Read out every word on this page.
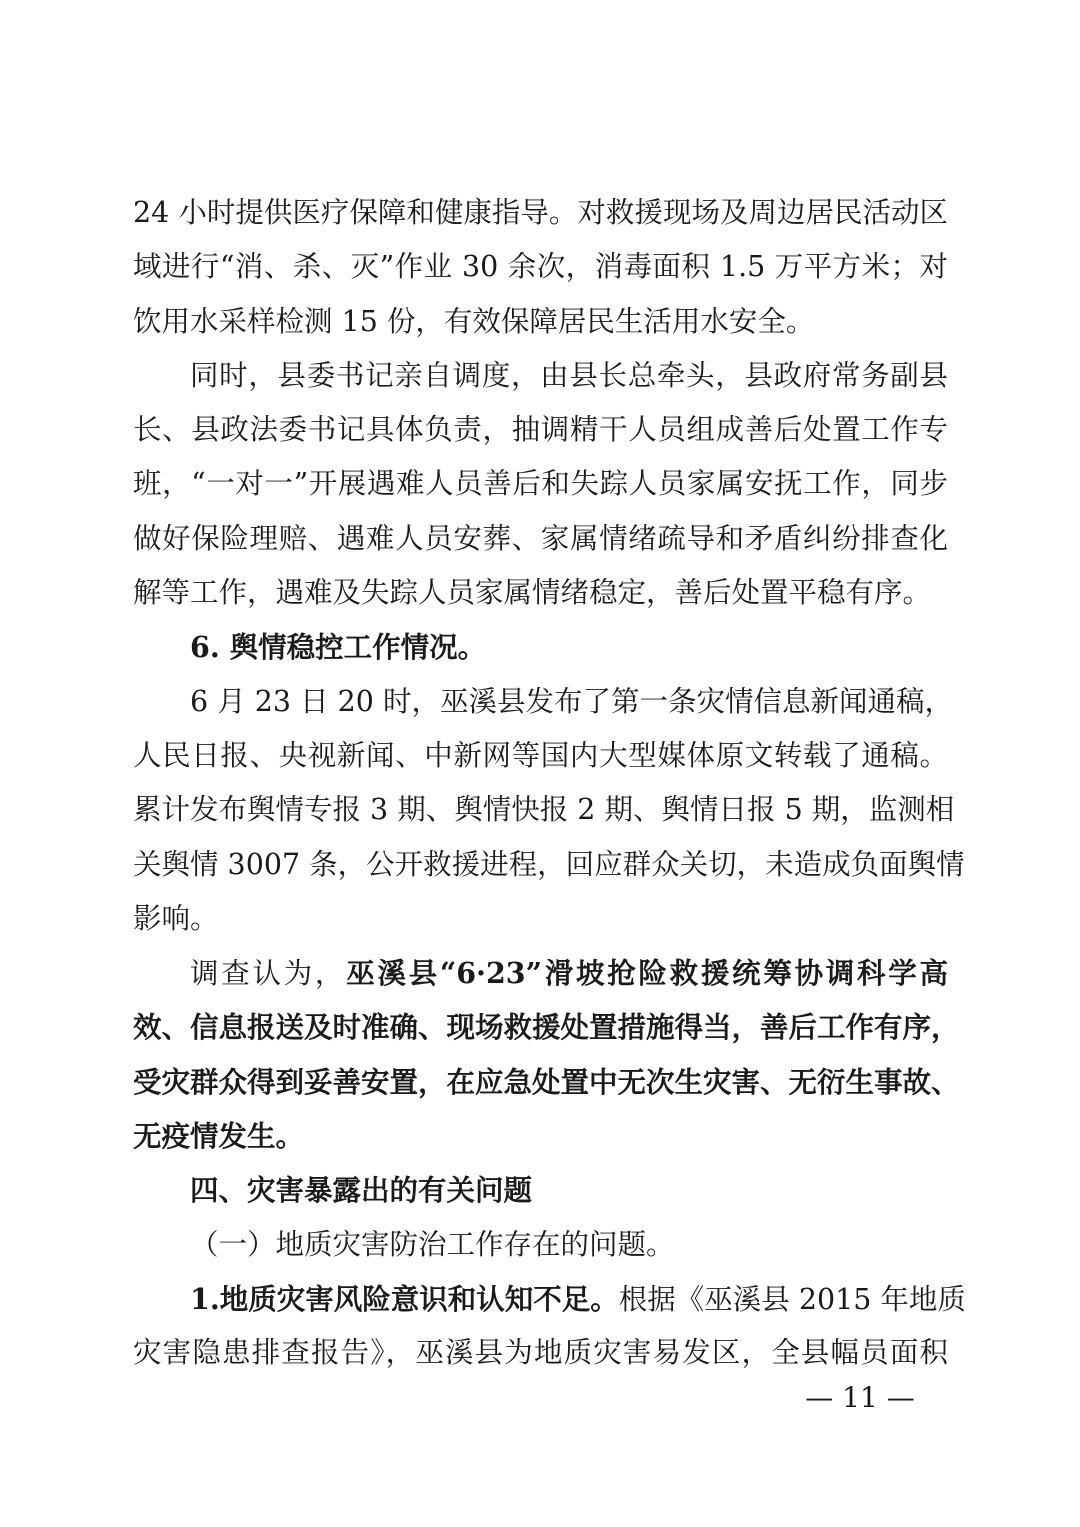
24 小时提供医疗保障和健康指导。对救援现场及周边居民活动区
域进行“消、杀、灭”作业 30 余次，消毒面积 1.5 万平方米；对
饮用水采样检测 15 份，有效保障居民生活用水安全。
同时，县委书记亲自调度，由县长总牵头，县政府常务副县
长、县政法委书记具体负责，抽调精干人员组成善后处置工作专
班，“一对一”开展遇难人员善后和失踪人员家属安抚工作，同步
做好保险理赔、遇难人员安葬、家属情绪疏导和矛盾纠纷排查化
解等工作，遇难及失踪人员家属情绪稳定，善后处置平稳有序。
6. 舆情稳控工作情况。
6 月 23 日 20 时，巫溪县发布了第一条灾情信息新闻通稿，
人民日报、央视新闻、中新网等国内大型媒体原文转载了通稿。
累计发布舆情专报 3 期、舆情快报 2 期、舆情日报 5 期，监测相
关舆情 3007 条，公开救援进程，回应群众关切，未造成负面舆情
影响。
调查认为，巫溪县“6·23”滑坡抢险救援统筹协调科学高
效、信息报送及时准确、现场救援处置措施得当，善后工作有序，
受灾群众得到妥善安置，在应急处置中无次生灾害、无衍生事故、
无疫情发生。
四、灾害暴露出的有关问题
（一）地质灾害防治工作存在的问题。
1.地质灾害风险意识和认知不足。根据《巫溪县 2015 年地质
灾害隐患排查报告》，巫溪县为地质灾害易发区，全县幅员面积
— 11 —
